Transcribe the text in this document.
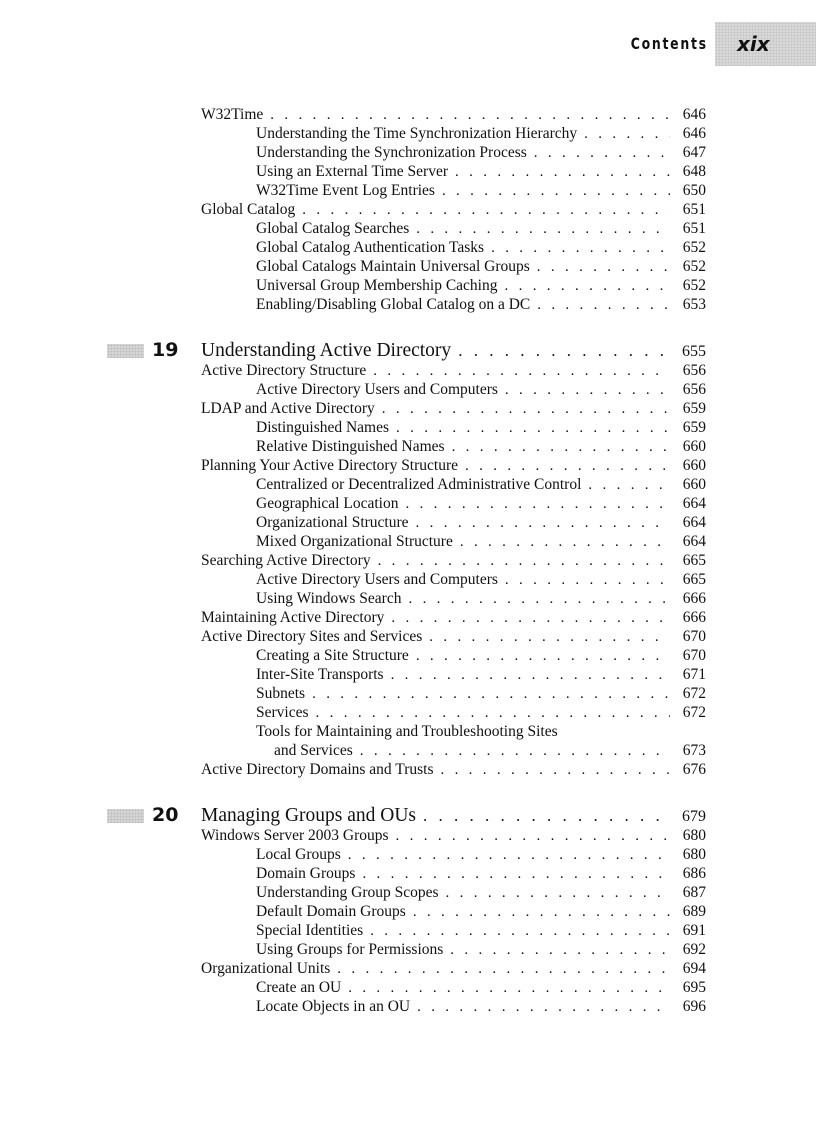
Contents xix
W32Time . . .	646
Understanding the Time Synchronization Hierarchy . . .	646
Understanding the Synchronization Process . . .	647
Using an External Time Server . . .	648
W32Time Event Log Entries . . .	650
Global Catalog . . .	651
Global Catalog Searches . . .	651
Global Catalog Authentication Tasks . . .	652
Global Catalogs Maintain Universal Groups . . .	652
Universal Group Membership Caching . . .	652
Enabling/Disabling Global Catalog on a DC . . .	653
Understanding Active Directory . . .	655
19
Active Directory Structure . . .	656
Active Directory Users and Computers . . .	656
LDAP and Active Directory . . .	659
Distinguished Names . . .	659
Relative Distinguished Names . . .	660
Planning Your Active Directory Structure . . .	660
Centralized or Decentralized Administrative Control . . .	660
Geographical Location . . .	664
Organizational Structure . . .	664
Mixed Organizational Structure . . .	664
Searching Active Directory . . .	665
Active Directory Users and Computers . . .	665
Using Windows Search . . .	666
Maintaining Active Directory . . .	666
Active Directory Sites and Services . . .	670
Creating a Site Structure . . .	670
Inter-Site Transports . . .	671
Subnets . . .	672
Services . . .	672
Tools for Maintaining and Troubleshooting Sites
and Services . . .	673
Active Directory Domains and Trusts . . .	676
Managing Groups and OUs . . .	679
20
Windows Server 2003 Groups . . .	680
Local Groups . . .	680
Domain Groups . . .	686
Understanding Group Scopes . . .	687
Default Domain Groups . . .	689
Special Identities . . .	691
Using Groups for Permissions . . .	692
Organizational Units . . .	694
Create an OU . . .	695
Locate Objects in an OU . . .	696
